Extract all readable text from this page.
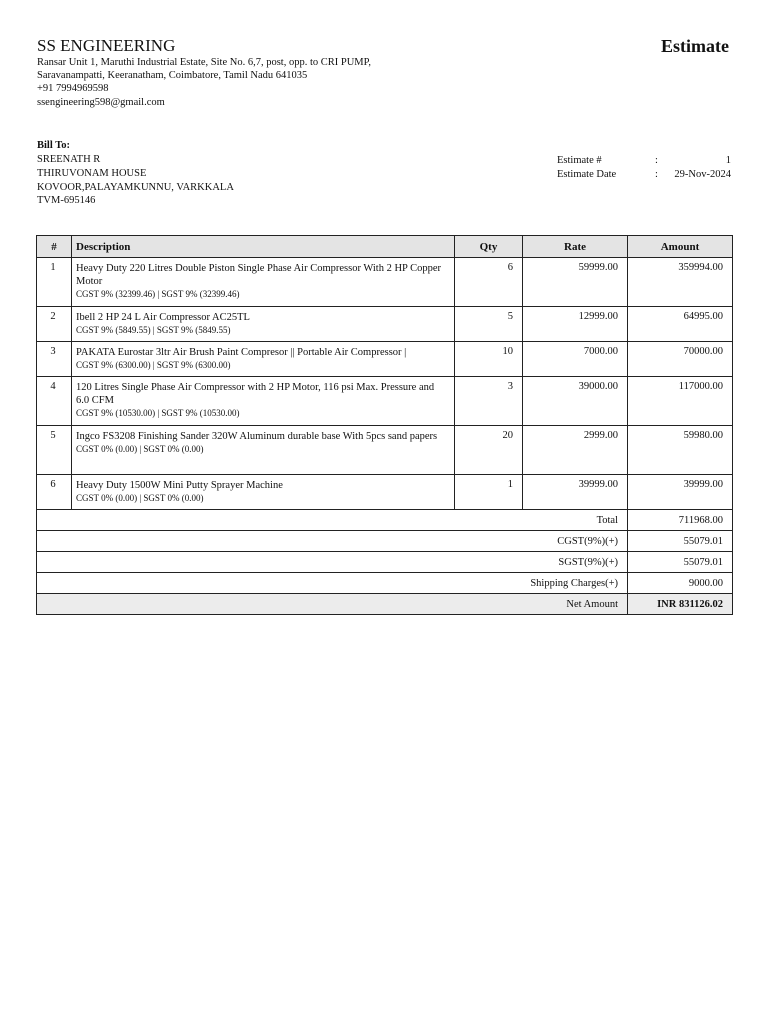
SS ENGINEERING
Ransar Unit 1, Maruthi Industrial Estate, Site No. 6,7, post, opp. to CRI PUMP,
Saravanampatti, Keeranatham, Coimbatore, Tamil Nadu 641035
+91 7994969598
ssengineering598@gmail.com
Estimate
Bill To:
SREENATH R
THIRUVONAM HOUSE
KOVOOR,PALAYAMKUNNU, VARKKALA
TVM-695146
Estimate #	:	1
Estimate Date	:	29-Nov-2024
#	Description	Qty	Rate	Amount
1	Heavy Duty 220 Litres Double Piston Single Phase Air Compressor With 2 HP Copper Motor
CGST 9% (32399.46) | SGST 9% (32399.46)	6	59999.00	359994.00
2	Ibell 2 HP 24 L Air Compressor AC25TL
CGST 9% (5849.55) | SGST 9% (5849.55)	5	12999.00	64995.00
3	PAKATA Eurostar 3ltr Air Brush Paint Compresor || Portable Air Compressor |
CGST 9% (6300.00) | SGST 9% (6300.00)	10	7000.00	70000.00
4	120 Litres Single Phase Air Compressor with 2 HP Motor, 116 psi Max. Pressure and 6.0 CFM
CGST 9% (10530.00) | SGST 9% (10530.00)	3	39000.00	117000.00
5	Ingco FS3208 Finishing Sander 320W Aluminum durable base With 5pcs sand papers
CGST 0% (0.00) | SGST 0% (0.00)	20	2999.00	59980.00
6	Heavy Duty 1500W Mini Putty Sprayer Machine
CGST 0% (0.00) | SGST 0% (0.00)	1	39999.00	39999.00
Total				711968.00
CGST(9%)(+)				55079.01
SGST(9%)(+)				55079.01
Shipping Charges(+)				9000.00
Net Amount				INR 831126.02
